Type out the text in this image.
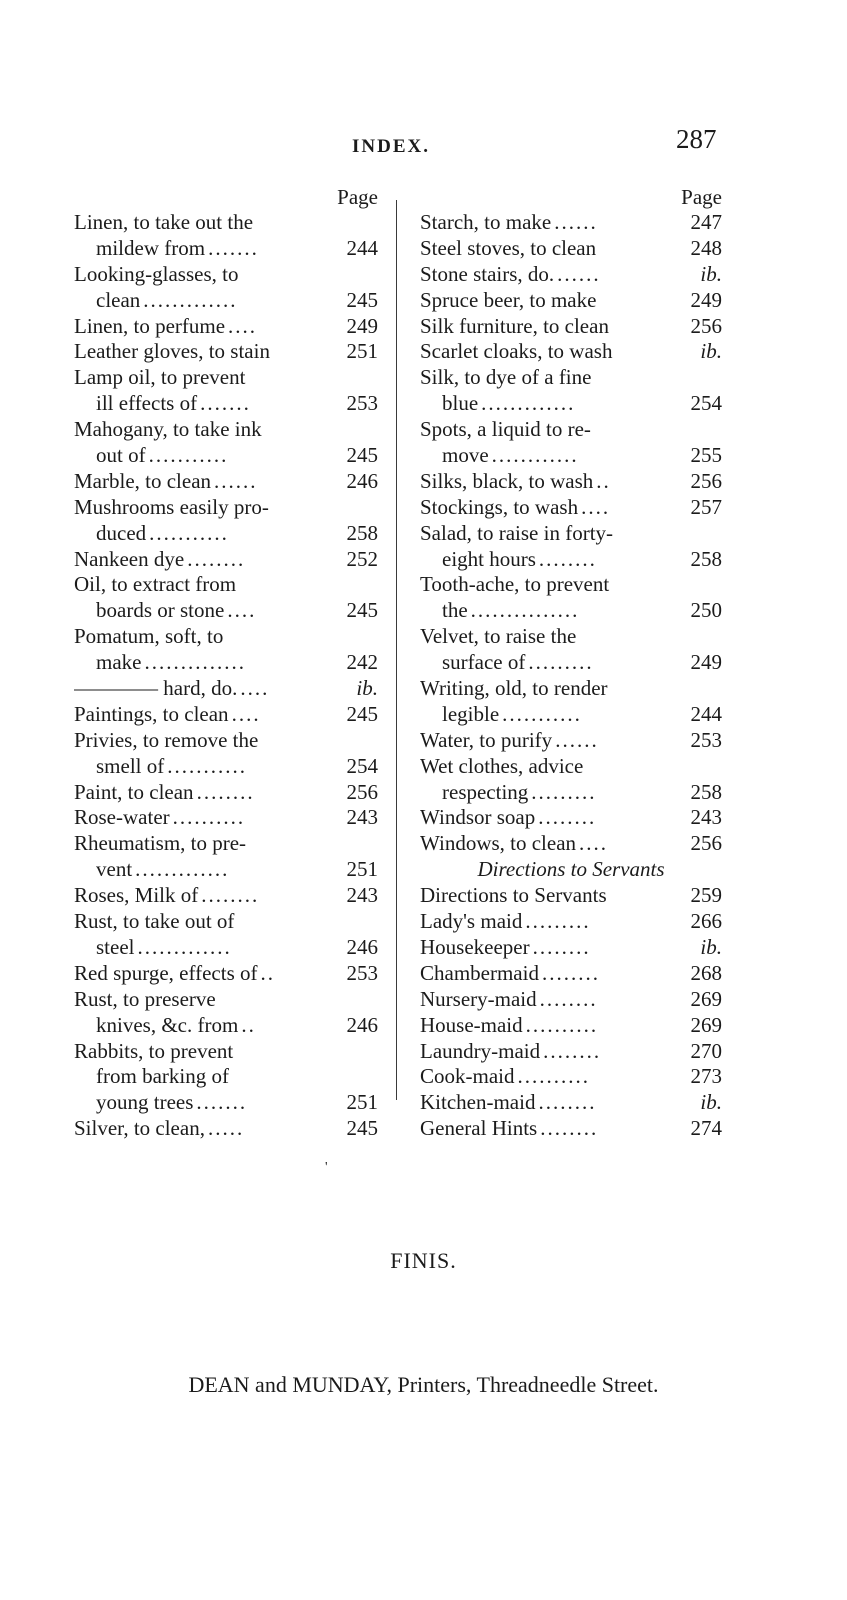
INDEX.	287
Page
Linen, to take out the
mildew from .......	244
Looking-glasses, to
clean .............	245
Linen, to perfume ....	249
Leather gloves, to stain	251
Lamp oil, to prevent
ill effects of .......	253
Mahogany, to take ink
out of ...........	245
Marble, to clean ......	246
Mushrooms easily pro-
duced ...........	258
Nankeen dye ........	252
Oil, to extract from
boards or stone ....	245
Pomatum, soft, to
make ..............	242
———— hard, do. ....	ib.
Paintings, to clean ....	245
Privies, to remove the
smell of ...........	254
Paint, to clean ........	256
Rose-water ..........	243
Rheumatism, to pre-
vent .............	251
Roses, Milk of ........	243
Rust, to take out of
steel .............	246
Red spurge, effects of ..	253
Rust, to preserve
knives, &c. from ..	246
Rabbits, to prevent
from barking of
young trees .......	251
Silver, to clean, .....	245
Page
Starch, to make ......	247
Steel stoves, to clean	248
Stone stairs, do. ......	ib.
Spruce beer, to make	249
Silk furniture, to clean	256
Scarlet cloaks, to wash	ib.
Silk, to dye of a fine
blue .............	254
Spots, a liquid to re-
move ............	255
Silks, black, to wash ..	256
Stockings, to wash ....	257
Salad, to raise in forty-
eight hours ........	258
Tooth-ache, to prevent
the ...............	250
Velvet, to raise the
surface of .........	249
Writing, old, to render
legible ...........	244
Water, to purify ......	253
Wet clothes, advice
respecting .........	258
Windsor soap ........	243
Windows, to clean ....	256
Directions to Servants
Directions to Servants	259
Lady's maid .........	266
Housekeeper ........	ib.
Chambermaid ........	268
Nursery-maid ........	269
House-maid ..........	269
Laundry-maid ........	270
Cook-maid ..........	273
Kitchen-maid ........	ib.
General Hints ........	274
'
FINIS.
DEAN and MUNDAY, Printers, Threadneedle Street.
